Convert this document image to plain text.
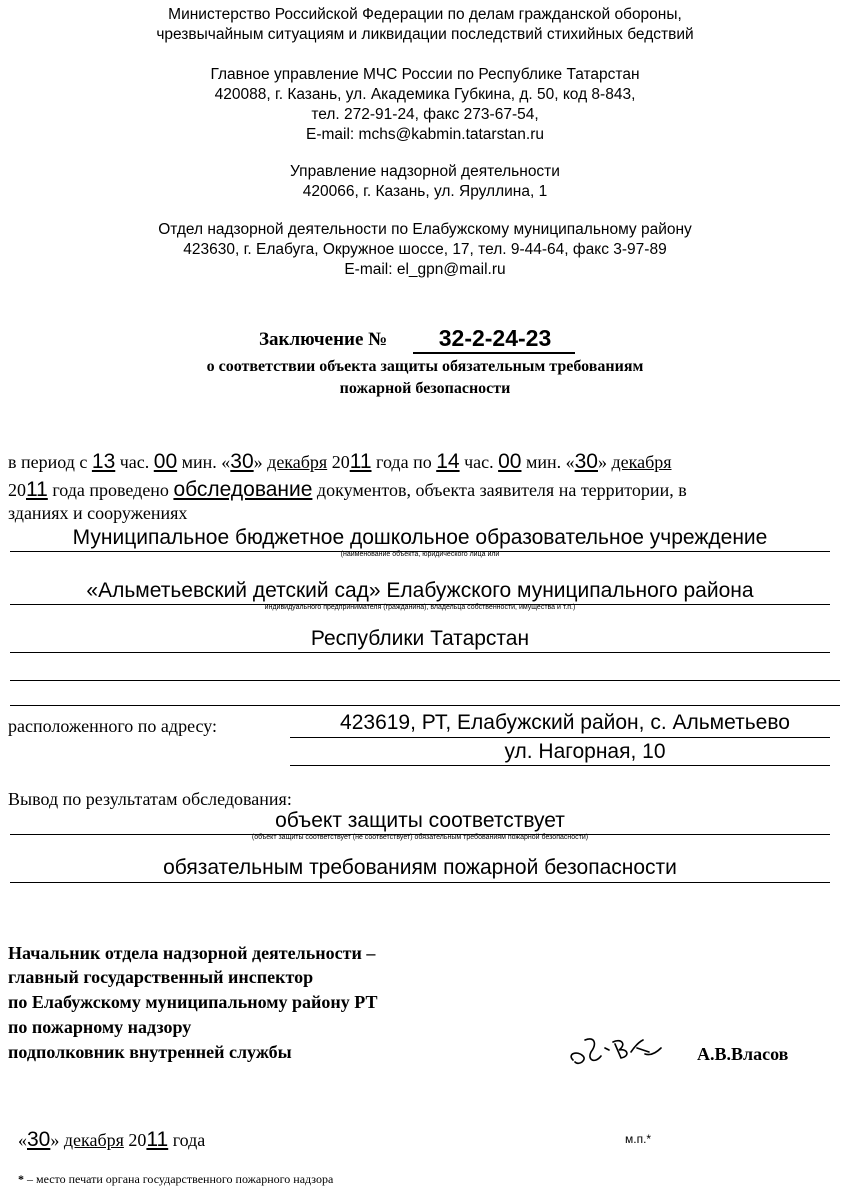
Министерство Российской Федерации по делам гражданской обороны,
чрезвычайным ситуациям и ликвидации последствий стихийных бедствий
Главное управление МЧС России по Республике Татарстан
420088, г. Казань, ул. Академика Губкина, д. 50, код 8-843,
тел. 272-91-24, факс 273-67-54,
E-mail: mchs@kabmin.tatarstan.ru
Управление надзорной деятельности
420066, г. Казань, ул. Яруллина, 1
Отдел надзорной деятельности по Елабужскому муниципальному району
423630, г. Елабуга, Окружное шоссе, 17, тел. 9-44-64, факс 3-97-89
E-mail: el_gpn@mail.ru
Заключение №	32-2-24-23
о соответствии объекта защиты обязательным требованиям
пожарной безопасности
в период с 13 час. 00 мин. «30» декабря 2011 года по 14 час. 00 мин. «30» декабря
2011 года проведено обследование документов, объекта заявителя на территории, в
зданиях и сооружениях
Муниципальное бюджетное дошкольное образовательное учреждение
(наименование объекта, юридического лица или
«Альметьевский детский сад» Елабужского муниципального района
индивидуального предпринимателя (гражданина), владельца собственности, имущества и т.п.)
Республики Татарстан
расположенного по адресу:	423619, РТ, Елабужский район, с. Альметьево
ул. Нагорная, 10
Вывод по результатам обследования:
объект защиты соответствует
(объект защиты соответствует (не соответствует) обязательным требованиям пожарной безопасности)
обязательным требованиям пожарной безопасности
Начальник отдела надзорной деятельности –
главный государственный инспектор
по Елабужскому муниципальному району РТ
по пожарному надзору
подполковник внутренней службы	А.В.Власов
«30» декабря 2011 года	м.п.*
* – место печати органа государственного пожарного надзора
